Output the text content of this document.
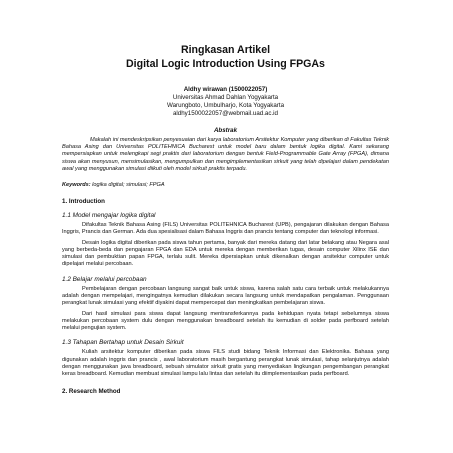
Ringkasan Artikel
Digital Logic Introduction Using FPGAs
Aldhy wirawan (1500022057)
Universitas Ahmad Dahlan Yogyakarta
Warungboto, Umbulharjo, Kota Yogyakarta
aldhy1500022057@webmail.uad.ac.id
Abstrak

Makalah ini mendeskripsikan penyesuaian dari karya laboratorium Arsitektur Komputer yang diberikan di Fakultas Teknik Bahasa Asing dan Universitas POLITEHNICA Bucharest untuk model baru dalam bentuk logika digital. Kami sekarang mempersiapkan untuk melengkapi segi praktis dari laboratorium dengan bentuk Field-Programmable Gate Array (FPGA), dimana siswa akan menyusun, mensimulasikan, mengumpulkan dan mengimplementasikan sirkuit yang telah dipelajari dalam pendekatan awal yang menggunakan simulasi diikuti oleh model sirkuit praktis terpadu.

Keywords: logika digital; simulasi; FPGA
1. Introduction
1.1 Model mengajar logika digital

Difakultas Teknik Bahasa Asing (FILS) Universitas POLITEHNICA Bucharest (UPB), pengajaran dilakukan dengan Bahasa Inggris, Prancis dan German. Ada dua spesialisasi dalam Bahasa Inggris dan prancis tentang computer dan teknologi informasi.

Desain logika digital diberikan pada siswa tahun pertama, banyak dari mereka datang dari latar belakang atau Negara asal yang berbeda-beda dan pengajaran FPGA dan EDA untuk mereka dengan memberikan tugas, desain computer Xilinx ISE dan simulasi dan pembuktian papan FPGA, terlalu sulit. Mereka dipersiapkan untuk dikenalkan dengan arsitektur computer untuk dipelajari melalui percobaan.

1.2 Belajar melalui percobaan

Pembelajaran dengan percobaan langsung sangat baik untuk siswa, karena salah satu cara terbaik untuk melakukannya adalah dengan mempelajari, mengingatnya kemudian dilakukan secara langsung untuk mendapatkan pengalaman. Penggunaan perangkat lunak simulasi yang efektif diyakini dapat mempercepat dan meningkatkan pembelajaran siswa.

Dari hasil simulasi para siswa dapat langsung mentransferkannya pada kehidupan nyata tetapi sebelumnya siswa melakukan percobaan system dulu dengan menggunakan breadboard setelah itu kemudian di solder pada perfboard setelah melalui pengujian system.

1.3 Tahapan Bertahap untuk Desain Sirkuit

Kuliah arsitektur komputer diberikan pada siswa FILS studi bidang Teknik Informasi dan Elektronika. Bahasa yang digunakan adalah inggris dan prancis , awal laboratorium masih bergantung perangkat lunak simulasi, tahap selanjutnya adalah dengan menggunakan java breadboard, sebuah simulator sirkuit gratis yang menyediakan lingkungan pengembangan perangkat keras breadboard. Kemudian membuat simulasi lampu lalu lintas dan setelah itu diimplementasikan pada perfboard.

2. Research Method
